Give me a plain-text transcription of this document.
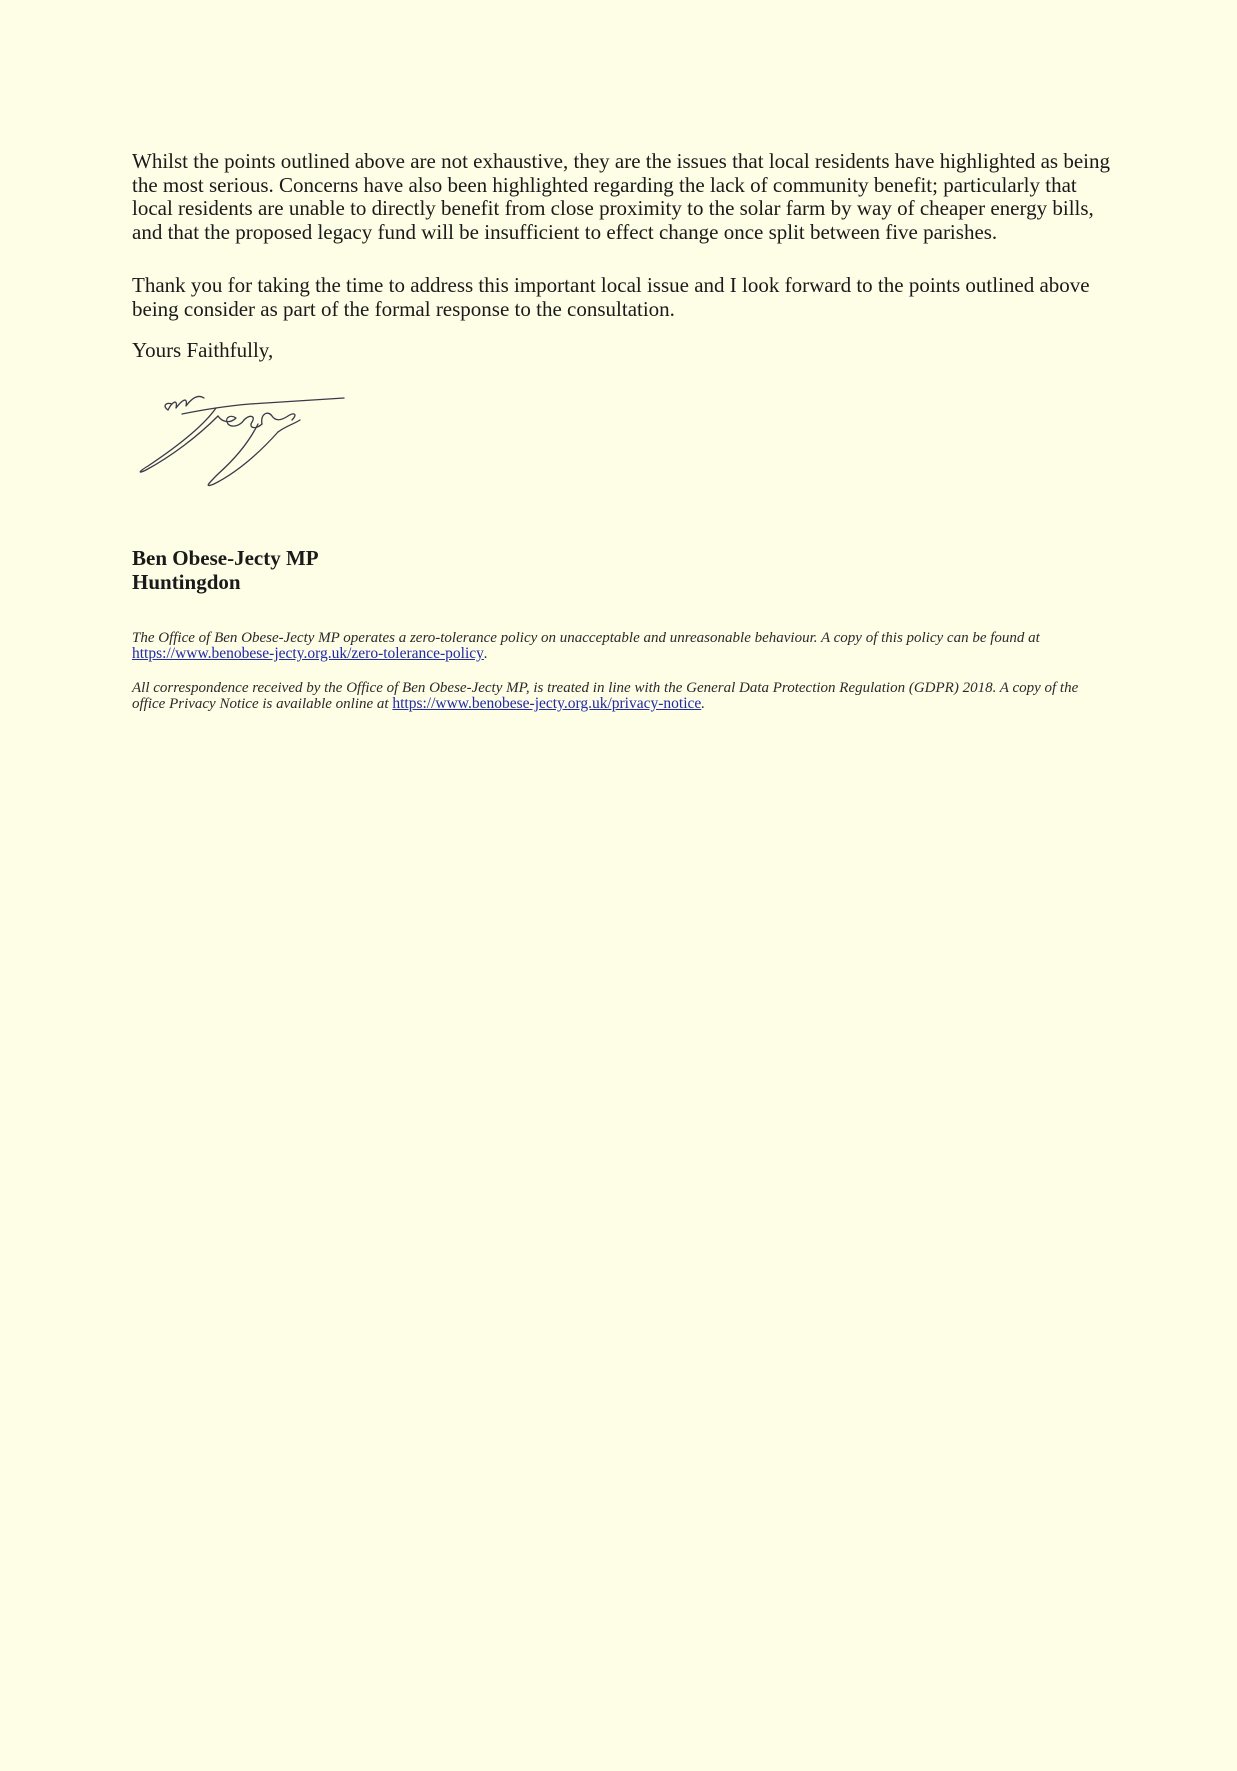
Whilst the points outlined above are not exhaustive, they are the issues that local residents have highlighted as being the most serious. Concerns have also been highlighted regarding the lack of community benefit; particularly that local residents are unable to directly benefit from close proximity to the solar farm by way of cheaper energy bills, and that the proposed legacy fund will be insufficient to effect change once split between five parishes.

Thank you for taking the time to address this important local issue and I look forward to the points outlined above being consider as part of the formal response to the consultation.

Yours Faithfully,

Ben Obese-Jecty MP
Huntingdon

The Office of Ben Obese-Jecty MP operates a zero-tolerance policy on unacceptable and unreasonable behaviour. A copy of this policy can be found at https://www.benobese-jecty.org.uk/zero-tolerance-policy.

All correspondence received by the Office of Ben Obese-Jecty MP, is treated in line with the General Data Protection Regulation (GDPR) 2018. A copy of the office Privacy Notice is available online at https://www.benobese-jecty.org.uk/privacy-notice.
